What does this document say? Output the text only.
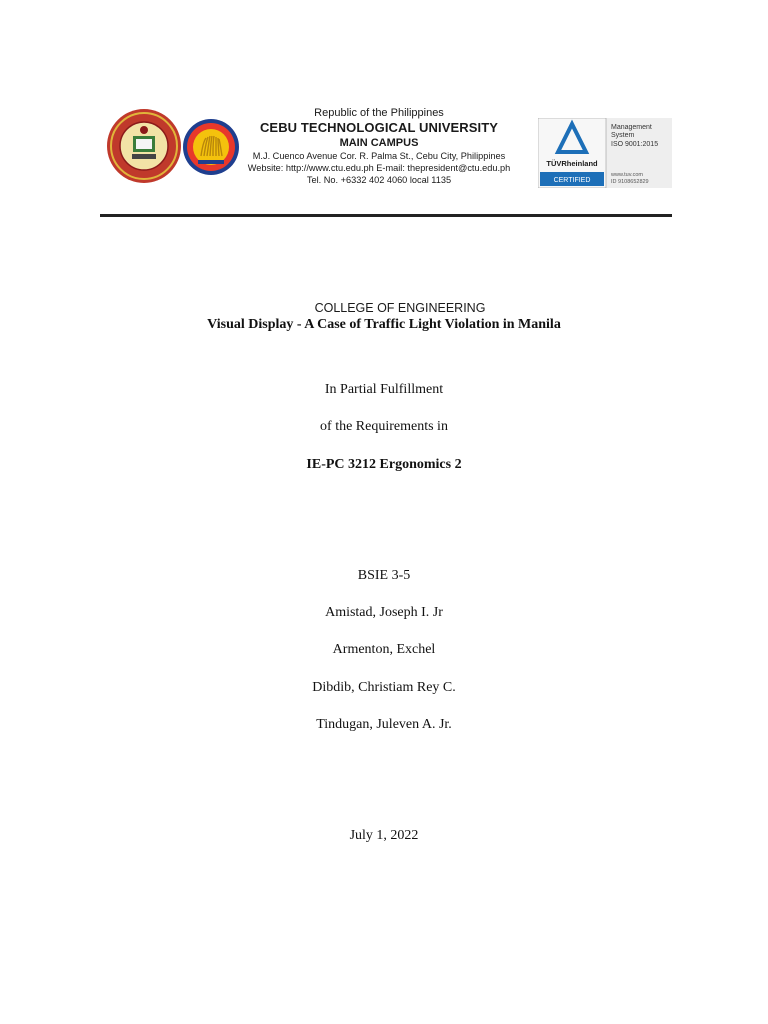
Republic of the Philippines
CEBU TECHNOLOGICAL UNIVERSITY
MAIN CAMPUS
M.J. Cuenco Avenue Cor. R. Palma St., Cebu City, Philippines
Website: http://www.ctu.edu.ph E-mail: thepresident@ctu.edu.ph
Tel. No. +6332 402 4060 local 1135
TÜVRheinland
CERTIFIED
Management
System
ISO 9001:2015
www.tuv.com
ID 9108652829
COLLEGE OF ENGINEERING
Visual Display - A Case of Traffic Light Violation in Manila
In Partial Fulfillment
of the Requirements in
IE-PC 3212 Ergonomics 2
BSIE 3-5
Amistad, Joseph I. Jr
Armenton, Exchel
Dibdib, Christiam Rey C.
Tindugan, Juleven A. Jr.
July 1, 2022
